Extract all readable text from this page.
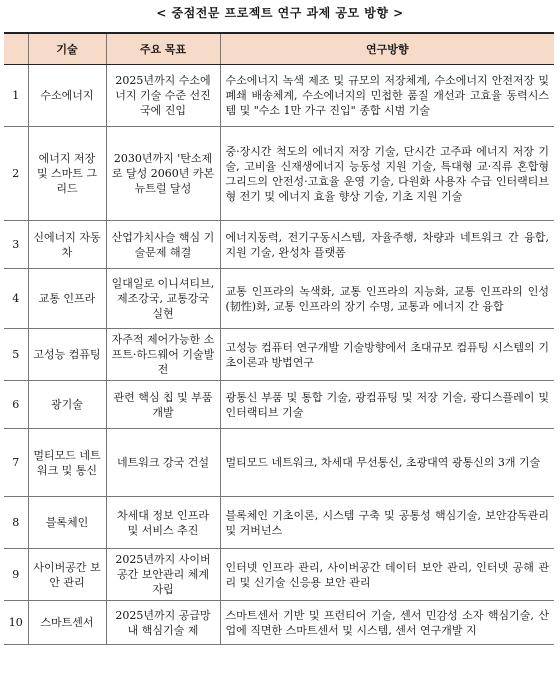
< 중점전문 프로젝트 연구 과제 공모 방향 >
	기술	주요 목표	연구방향
1	수소에너지	2025년까지 수소에너지 기술 수준 선진국에 진입	수소에너지 녹색 제조 및 규모의 저장체계, 수소에너지 안전저장 및 폐쇄 배송체계, 수소에너지의 민첩한 품질 개선과 고효율 동력시스템 및 "수소 1만 가구 진입" 종합 시범 기술
2	에너지 저장 및 스마트 그리드	2030년까지 '탄소제로 달성 2060년 카본 뉴트럴 달성	중·장시간 척도의 에너지 저장 기술, 단시간 고주파 에너지 저장 기술, 고비율 신재생에너지 능동성 지원 기술, 특대형 교·직류 혼합형 그리드의 안전성·고효율 운영 기술, 다원화 사용자 수급 인터랙티브형 전기 및 에너지 효율 향상 기술, 기초 지원 기술
3	신에너지 자동차	산업가치사슬 핵심 기술문제 해결	에너지동력, 전기구동시스템, 자율주행, 차량과 네트워크 간 융합, 지원 기술, 완성차 플랫폼
4	교통 인프라	일대일로 이니셔티브, 제조강국, 교통강국 실현	교통 인프라의 녹색화, 교통 인프라의 지능화, 교통 인프라의 인성(韧性)화, 교통 인프라의 장기 수명, 교통과 에너지 간 융합
5	고성능 컴퓨팅	자주적 제어가능한 소프트·하드웨어 기술발전	고성능 컴퓨터 연구개발 기술방향에서 초대규모 컴퓨팅 시스템의 기초이론과 방법연구
6	광기술	관련 핵심 칩 및 부품 개발	광통신 부품 및 통합 기술, 광컴퓨팅 및 저장 기술, 광디스플레이 및 인터랙티브 기술
7	멀티모드 네트워크 및 통신	네트워크 강국 건설	멀티모드 네트워크, 차세대 무선통신, 초광대역 광통신의 3개 기술
8	블록체인	차세대 정보 인프라 및 서비스 추진	블록체인 기초이론, 시스템 구축 및 공통성 핵심기술, 보안감독관리 및 거버넌스
9	사이버공간 보안 관리	2025년까지 사이버공간 보안관리 체계 자립	인터넷 인프라 관리, 사이버공간 데이터 보안 관리, 인터넷 공해 관리 및 신기술 신응용 보안 관리
10	스마트센서	2025년까지 공급망 내 핵심기술 제	스마트센서 기반 및 프런티어 기술, 센서 민감성 소자 핵심기술, 산업에 직면한 스마트센서 및 시스템, 센서 연구개발 지
